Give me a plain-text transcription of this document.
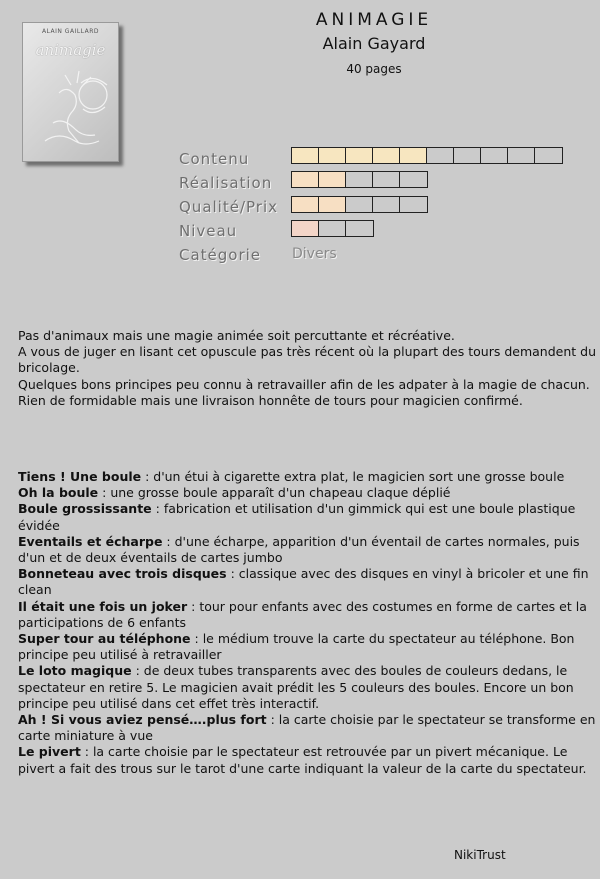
ALAIN GAILLARD
animagie
ANIMAGIE
Alain Gayard
40 pages
Contenu
Réalisation
Qualité/Prix
Niveau
Catégorie Divers
Pas d'animaux mais une magie animée soit percuttante et récréative.
A vous de juger en lisant cet opuscule pas très récent où la plupart des tours demandent du bricolage.
Quelques bons principes peu connu à retravailler afin de les adpater à la magie de chacun.
Rien de formidable mais une livraison honnête de tours pour magicien confirmé.
Tiens ! Une boule : d'un étui à cigarette extra plat, le magicien sort une grosse boule
Oh la boule : une grosse boule apparaît d'un chapeau claque déplié
Boule grossissante : fabrication et utilisation d'un gimmick qui est une boule plastique évidée
Eventails et écharpe : d'une écharpe, apparition d'un éventail de cartes normales, puis d'un et de deux éventails de cartes jumbo
Bonneteau avec trois disques : classique avec des disques en vinyl à bricoler et une fin clean
Il était une fois un joker : tour pour enfants avec des costumes en forme de cartes et la participations de 6 enfants
Super tour au téléphone : le médium trouve la carte du spectateur au téléphone. Bon principe peu utilisé à retravailler
Le loto magique : de deux tubes transparents avec des boules de couleurs dedans, le spectateur en retire 5. Le magicien avait prédit les 5 couleurs des boules. Encore un bon principe peu utilisé dans cet effet très interactif.
Ah ! Si vous aviez pensé….plus fort : la carte choisie par le spectateur se transforme en carte miniature à vue
Le pivert : la carte choisie par le spectateur est retrouvée par un pivert mécanique. Le pivert a fait des trous sur le tarot d'une carte indiquant la valeur de la carte du spectateur.
NikiTrust
